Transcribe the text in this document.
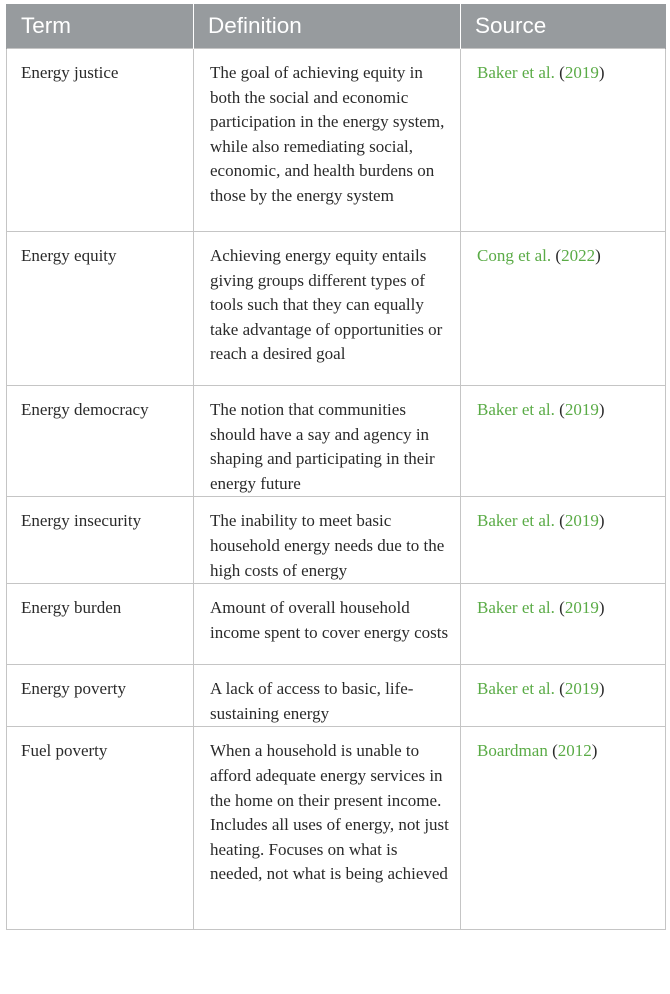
Term	Definition	Source
Energy justice	The goal of achieving equity in both the social and economic participation in the energy system, while also remediating social, economic, and health burdens on those by the energy system	Baker et al. (2019)
Energy equity	Achieving energy equity entails giving groups different types of tools such that they can equally take advantage of opportunities or reach a desired goal	Cong et al. (2022)
Energy democracy	The notion that communities should have a say and agency in shaping and participating in their energy future	Baker et al. (2019)
Energy insecurity	The inability to meet basic household energy needs due to the high costs of energy	Baker et al. (2019)
Energy burden	Amount of overall household income spent to cover energy costs	Baker et al. (2019)
Energy poverty	A lack of access to basic, life-sustaining energy	Baker et al. (2019)
Fuel poverty	When a household is unable to afford adequate energy services in the home on their present income. Includes all uses of energy, not just heating. Focuses on what is needed, not what is being achieved	Boardman (2012)
